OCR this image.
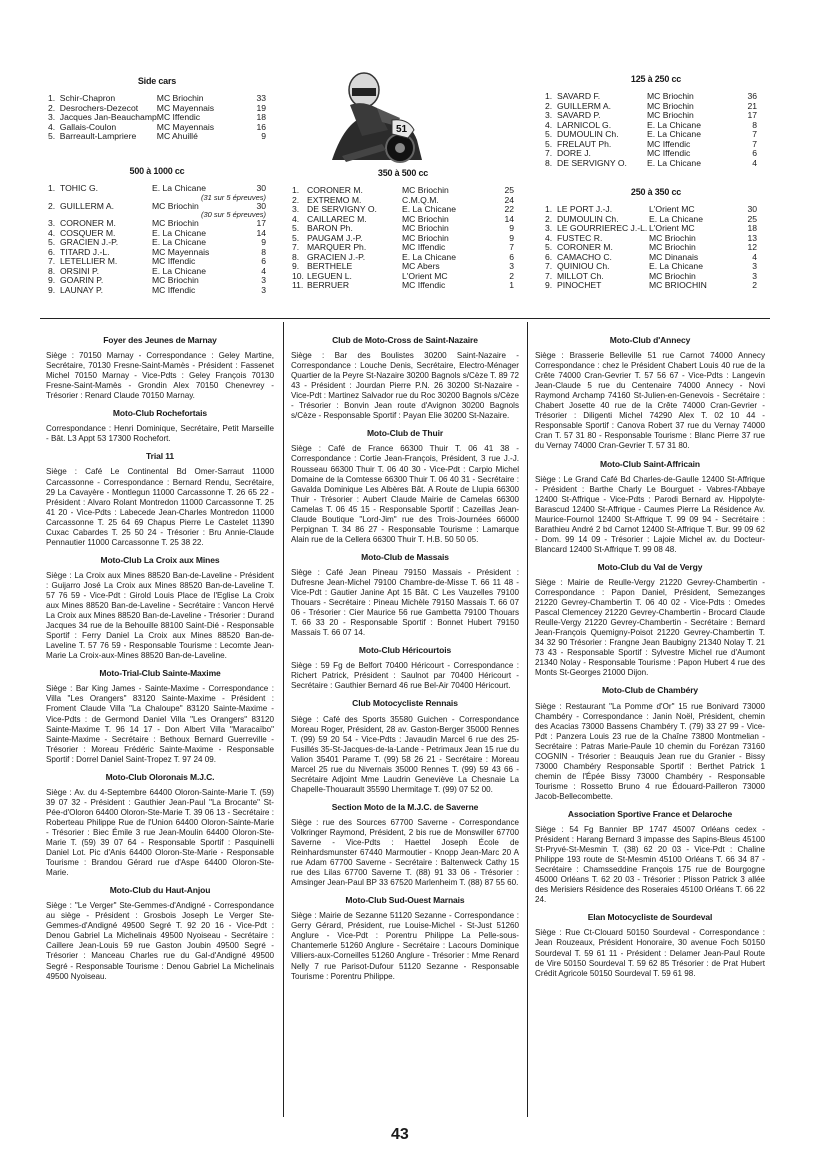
Side cars
1.	Schir-Chapron	MC Briochin	33
2.	Desrochers-Dezecot	MC Mayennais	19
3.	Jacques Jan-Beauchamp	MC Iffendic	18
4.	Gallais-Coulon	MC Mayennais	16
5.	Barreault-Lampriere	MC Ahuillé	9
500 à 1000 cc
1.	TOHIC G.	E. La Chicane	30
		(31 sur 5 épreuves)	
2.	GUILLERM A.	MC Briochin	30
		(30 sur 5 épreuves)	
3.	CORONER M.	MC Briochin	17
4.	COSQUER M.	E. La Chicane	14
5.	GRACIEN J.-P.	E. La Chicane	9
6.	TITARD J.-L.	MC Mayennais	8
7.	LETELLIER M.	MC Iffendic	6
8.	ORSINI P.	E. La Chicane	4
9.	GOARIN P.	MC Briochin	3
9.	LAUNAY P.	MC Iffendic	3
51
350 à 500 cc
1.	CORONER M.	MC Briochin	25
2.	EXTREMO M.	C.M.Q.M.	24
3.	DE SERVIGNY O.	E. La Chicane	22
4.	CAILLAREC M.	MC Briochin	14
5.	BARON Ph.	MC Briochin	9
5.	PAUGAM J.-P.	MC Briochin	9
7.	MARQUER Ph.	MC Iffendic	7
8.	GRACIEN J.-P.	E. La Chicane	6
9.	BERTHELE	MC Abers	3
10.	LEGUEN L.	L'Orient MC	2
11.	BERRUER	MC Iffendic	1
125 à 250 cc
1.	SAVARD F.	MC Briochin	36
2.	GUILLERM A.	MC Briochin	21
3.	SAVARD P.	MC Briochin	17
4.	LARNICOL G.	E. La Chicane	8
5.	DUMOULIN Ch.	E. La Chicane	7
5.	FRELAUT Ph.	MC Iffendic	7
7.	DORE J.	MC Iffendic	6
8.	DE SERVIGNY O.	E. La Chicane	4
250 à 350 cc
1.	LE PORT J.-J.	L'Orient MC	30
2.	DUMOULIN Ch.	E. La Chicane	25
3.	LE GOURRIEREC J.-L.	L'Orient MC	18
4.	FUSTEC R.	MC Briochin	13
5.	CORONER M.	MC Briochin	12
6.	CAMACHO C.	MC Dinanais	4
7.	QUINIOU Ch.	E. La Chicane	3
7.	MILLOT Ch.	MC Briochin	3
9.	PINOCHET	MC BRIOCHIN	2
Foyer des Jeunes de Marnay

Siège : 70150 Marnay - Correspondance : Geley Martine, Secrétaire, 70130 Fresne-Saint-Mamès - Président : Fassenet Michel 70150 Marnay - Vice-Pdts : Geley François 70130 Fresne-Saint-Mamès - Grondin Alex 70150 Chenevrey - Trésorier : Renard Claude 70150 Marnay.

Moto-Club Rochefortais

Correspondance : Henri Dominique, Secrétaire, Petit Marseille - Bât. L3 Appt 53 17300 Rochefort.

Trial 11

Siège : Café Le Continental Bd Omer-Sarraut 11000 Carcassonne - Correspondance : Bernard Rendu, Secrétaire, 29 La Cavayère - Montlegun 11000 Carcassonne T. 26 65 22 - Président : Alvaro Rolant Montredon 11000 Carcassonne T. 25 41 20 - Vice-Pdts : Labecede Jean-Charles Montredon 11000 Carcassonne T. 25 64 69 Chapus Pierre Le Castelet 11390 Cuxac Cabardes T. 25 50 24 - Trésorier : Bru Annie-Claude Pennautier 11000 Carcassonne T. 25 38 22.

Moto-Club La Croix aux Mines

Siège : La Croix aux Mines 88520 Ban-de-Laveline - Président : Guijarro José La Croix aux Mines 88520 Ban-de-Laveline T. 57 76 59 - Vice-Pdt : Girold Louis Place de l'Eglise La Croix aux Mines 88520 Ban-de-Laveline - Secrétaire : Vancon Hervé La Croix aux Mines 88520 Ban-de-Laveline - Trésorier : Durand Jacques 34 rue de la Behouille 88100 Saint-Dié - Responsable Sportif : Ferry Daniel La Croix aux Mines 88520 Ban-de-Laveline T. 57 76 59 - Responsable Tourisme : Lecomte Jean-Marie La Croix-aux-Mines 88520 Ban-de-Laveline.

Moto-Trial-Club Sainte-Maxime

Siège : Bar King James - Sainte-Maxime - Correspondance : Villa "Les Orangers" 83120 Sainte-Maxime - Président : Froment Claude Villa "La Chaloupe" 83120 Sainte-Maxime - Vice-Pdts : de Germond Daniel Villa "Les Orangers" 83120 Sainte-Maxime T. 96 14 17 - Don Albert Villa "Maracaïbo" Sainte-Maxime - Secrétaire : Bethoux Bernard Guerreville - Trésorier : Moreau Frédéric Sainte-Maxime - Responsable Sportif : Dorrel Daniel Saint-Tropez T. 97 24 09.

Moto-Club Oloronais M.J.C.

Siège : Av. du 4-Septembre 64400 Oloron-Sainte-Marie T. (59) 39 07 32 - Président : Gauthier Jean-Paul "La Brocante" St-Pée-d'Oloron 64400 Oloron-Ste-Marie T. 39 06 13 - Secrétaire : Roberteau Philippe Rue de l'Union 64400 Oloron-Sainte-Marie - Trésorier : Biec Émile 3 rue Jean-Moulin 64400 Oloron-Ste-Marie T. (59) 39 07 64 - Responsable Sportif : Pasquinelli Daniel Lot. Pic d'Anis 64400 Oloron-Ste-Marie - Responsable Tourisme : Brandou Gérard rue d'Aspe 64400 Oloron-Ste-Marie.

Moto-Club du Haut-Anjou

Siège : "Le Verger" Ste-Gemmes-d'Andigné - Correspondance au siège - Président : Grosbois Joseph Le Verger Ste-Gemmes-d'Andigné 49500 Segré T. 92 20 16 - Vice-Pdt : Denou Gabriel La Michelinais 49500 Nyoiseau - Secrétaire : Caillere Jean-Louis 59 rue Gaston Joubin 49500 Segré - Trésorier : Manceau Charles rue du Gal-d'Andigné 49500 Segré - Responsable Tourisme : Denou Gabriel La Michelinais 49500 Nyoiseau.

Club de Moto-Cross de Saint-Nazaire

Siège : Bar des Boulistes 30200 Saint-Nazaire - Correspondance : Louche Denis, Secrétaire, Electro-Ménager Quartier de la Peyre St-Nazaire 30200 Bagnols s/Cèze T. 89 72 43 - Président : Jourdan Pierre P.N. 26 30200 St-Nazaire - Vice-Pdt : Martinez Salvador rue du Roc 30200 Bagnols s/Cèze - Trésorier : Bonvin Jean route d'Avignon 30200 Bagnols s/Cèze - Responsable Sportif : Payan Elie 30200 St-Nazaire.

Moto-Club de Thuir

Siège : Café de France 66300 Thuir T. 06 41 38 - Correspondance : Cortie Jean-François, Président, 3 rue J.-J. Rousseau 66300 Thuir T. 06 40 30 - Vice-Pdt : Carpio Michel Domaine de la Comtesse 66300 Thuir T. 06 40 31 - Secrétaire : Gavalda Dominique Les Albères Bât. A Route de Llupia 66300 Thuir - Trésorier : Aubert Claude Mairie de Camelas 66300 Camelas T. 06 45 15 - Responsable Sportif : Cazeillas Jean-Claude Boutique "Lord-Jim" rue des Trois-Journées 66000 Perpignan T. 34 86 27 - Responsable Tourisme : Lamarque Alain rue de la Cellera 66300 Thuir T. H.B. 50 50 05.

Moto-Club de Massais

Siège : Café Jean Pineau 79150 Massais - Président : Dufresne Jean-Michel 79100 Chambre-de-Misse T. 66 11 48 - Vice-Pdt : Gautier Janine Apt 15 Bât. C Les Vauzelles 79100 Thouars - Secrétaire : Pineau Michèle 79150 Massais T. 66 07 06 - Trésorier : Cier Maurice 56 rue Gambetta 79100 Thouars T. 66 33 20 - Responsable Sportif : Bonnet Hubert 79150 Massais T. 66 07 14.

Moto-Club Héricourtois

Siège : 59 Fg de Belfort 70400 Héricourt - Correspondance : Richert Patrick, Président : Saulnot par 70400 Héricourt - Secrétaire : Gauthier Bernard 46 rue Bel-Air 70400 Héricourt.

Club Motocycliste Rennais

Siège : Café des Sports 35580 Guichen - Correspondance Moreau Roger, Président, 28 av. Gaston-Berger 35000 Rennes T. (99) 59 20 54 - Vice-Pdts : Javaudin Marcel 6 rue des 25-Fusillés 35-St-Jacques-de-la-Lande - Petrimaux Jean 15 rue du Valion 35401 Parame T. (99) 58 26 21 - Secrétaire : Moreau Marcel 25 rue du Nivernais 35000 Rennes T. (99) 59 43 66 - Secrétaire Adjoint Mme Laudrin Geneviève La Chesnaie La Chapelle-Thouarault 35590 Lhermitage T. (99) 07 52 00.

Section Moto de la M.J.C. de Saverne

Siège : rue des Sources 67700 Saverne - Correspondance Volkringer Raymond, Président, 2 bis rue de Monswiller 67700 Saverne - Vice-Pdts : Haettel Joseph École de Reinhardsmunster 67440 Marmoutier - Knopp Jean-Marc 20 A rue Adam 67700 Saverne - Secrétaire : Baltenweck Cathy 15 rue des Lilas 67700 Saverne T. (88) 91 33 06 - Trésorier : Amsinger Jean-Paul BP 33 67520 Marlenheim T. (88) 87 55 60.

Moto-Club Sud-Ouest Marnais

Siège : Mairie de Sezanne 51120 Sezanne - Correspondance : Gerry Gérard, Président, rue Louise-Michel - St-Just 51260 Anglure - Vice-Pdt : Porentru Philippe La Pelle-sous-Chantemerle 51260 Anglure - Secrétaire : Lacours Dominique Villiers-aux-Corneilles 51260 Anglure - Trésorier : Mme Renard Nelly 7 rue Parisot-Dufour 51120 Sezanne - Responsable Tourisme : Porentru Philippe.

Moto-Club d'Annecy

Siège : Brasserie Belleville 51 rue Carnot 74000 Annecy Correspondance : chez le Président Chabert Louis 40 rue de la Crête 74000 Cran-Gevrier T. 57 56 67 - Vice-Pdts : Langevin Jean-Claude 5 rue du Centenaire 74000 Annecy - Novi Raymond Archamp 74160 St-Julien-en-Genevois - Secrétaire : Chabert Josette 40 rue de la Crête 74000 Cran-Gevrier - Trésorier : Diligenti Michel 74290 Alex T. 02 10 44 - Responsable Sportif : Canova Robert 37 rue du Vernay 74000 Cran T. 57 31 80 - Responsable Tourisme : Blanc Pierre 37 rue du Vernay 74000 Cran-Gevrier T. 57 31 80.

Moto-Club Saint-Affricain

Siège : Le Grand Café Bd Charles-de-Gaulle 12400 St-Affrique - Président : Barthe Charly Le Bourguet - Vabres-l'Abbaye 12400 St-Affrique - Vice-Pdts : Parodi Bernard av. Hippolyte-Barascud 12400 St-Affrique - Caumes Pierre La Résidence Av. Maurice-Fournol 12400 St-Affrique T. 99 09 94 - Secrétaire : Barathieu André 2 bd Carnot 12400 St-Affrique T. Bur. 99 09 62 - Dom. 99 14 09 - Trésorier : Lajoie Michel av. du Docteur-Blancard 12400 St-Affrique T. 99 08 48.

Moto-Club du Val de Vergy

Siège : Mairie de Reulle-Vergy 21220 Gevrey-Chambertin - Correspondance : Papon Daniel, Président, Semezanges 21220 Gevrey-Chambertin T. 06 40 02 - Vice-Pdts : Omedes Pascal Clemencey 21220 Gevrey-Chambertin - Brocard Claude Reulle-Vergy 21220 Gevrey-Chambertin - Secrétaire : Bernard Jean-François Quemigny-Poisot 21220 Gevrey-Chambertin T. 34 32 90 Trésorier : Frangne Jean Baubigny 21340 Nolay T. 21 73 43 - Responsable Sportif : Sylvestre Michel rue d'Aumont 21340 Nolay - Responsable Tourisme : Papon Hubert 4 rue des Monts St-Georges 21000 Dijon.

Moto-Club de Chambéry

Siège : Restaurant "La Pomme d'Or" 15 rue Bonivard 73000 Chambéry - Correspondance : Janin Noël, Président, chemin des Acacias 73000 Bassens Chambéry T. (79) 33 27 99 - Vice-Pdt : Panzera Louis 23 rue de la Chaîne 73800 Montmelian - Secrétaire : Patras Marie-Paule 10 chemin du Forézan 73160 COGNIN - Trésorier : Beauquis Jean rue du Granier - Bissy 73000 Chambéry Responsable Sportif : Berthet Patrick 1 chemin de l'Épée Bissy 73000 Chambéry - Responsable Tourisme : Rossetto Bruno 4 rue Édouard-Pailleron 73000 Jacob-Bellecombette.

Association Sportive France et Delaroche

Siège : 54 Fg Bannier BP 1747 45007 Orléans cedex - Président : Harang Bernard 3 impasse des Sapins-Bleus 45100 St-Pryvé-St-Mesmin T. (38) 62 20 03 - Vice-Pdt : Chaline Philippe 193 route de St-Mesmin 45100 Orléans T. 66 34 87 - Secrétaire : Chamsseddine François 175 rue de Bourgogne 45000 Orléans T. 62 20 03 - Trésorier : Plisson Patrick 3 allée des Merisiers Résidence des Roseraies 45100 Orléans T. 66 22 24.

Elan Motocycliste de Sourdeval

Siège : Rue Ct-Clouard 50150 Sourdeval - Correspondance : Jean Rouzeaux, Président Honoraire, 30 avenue Foch 50150 Sourdeval T. 59 61 11 - Président : Delamer Jean-Paul Route de Vire 50150 Sourdeval T. 59 62 85 Trésorier : de Prat Hubert Crédit Agricole 50150 Sourdeval T. 59 61 98.

43
